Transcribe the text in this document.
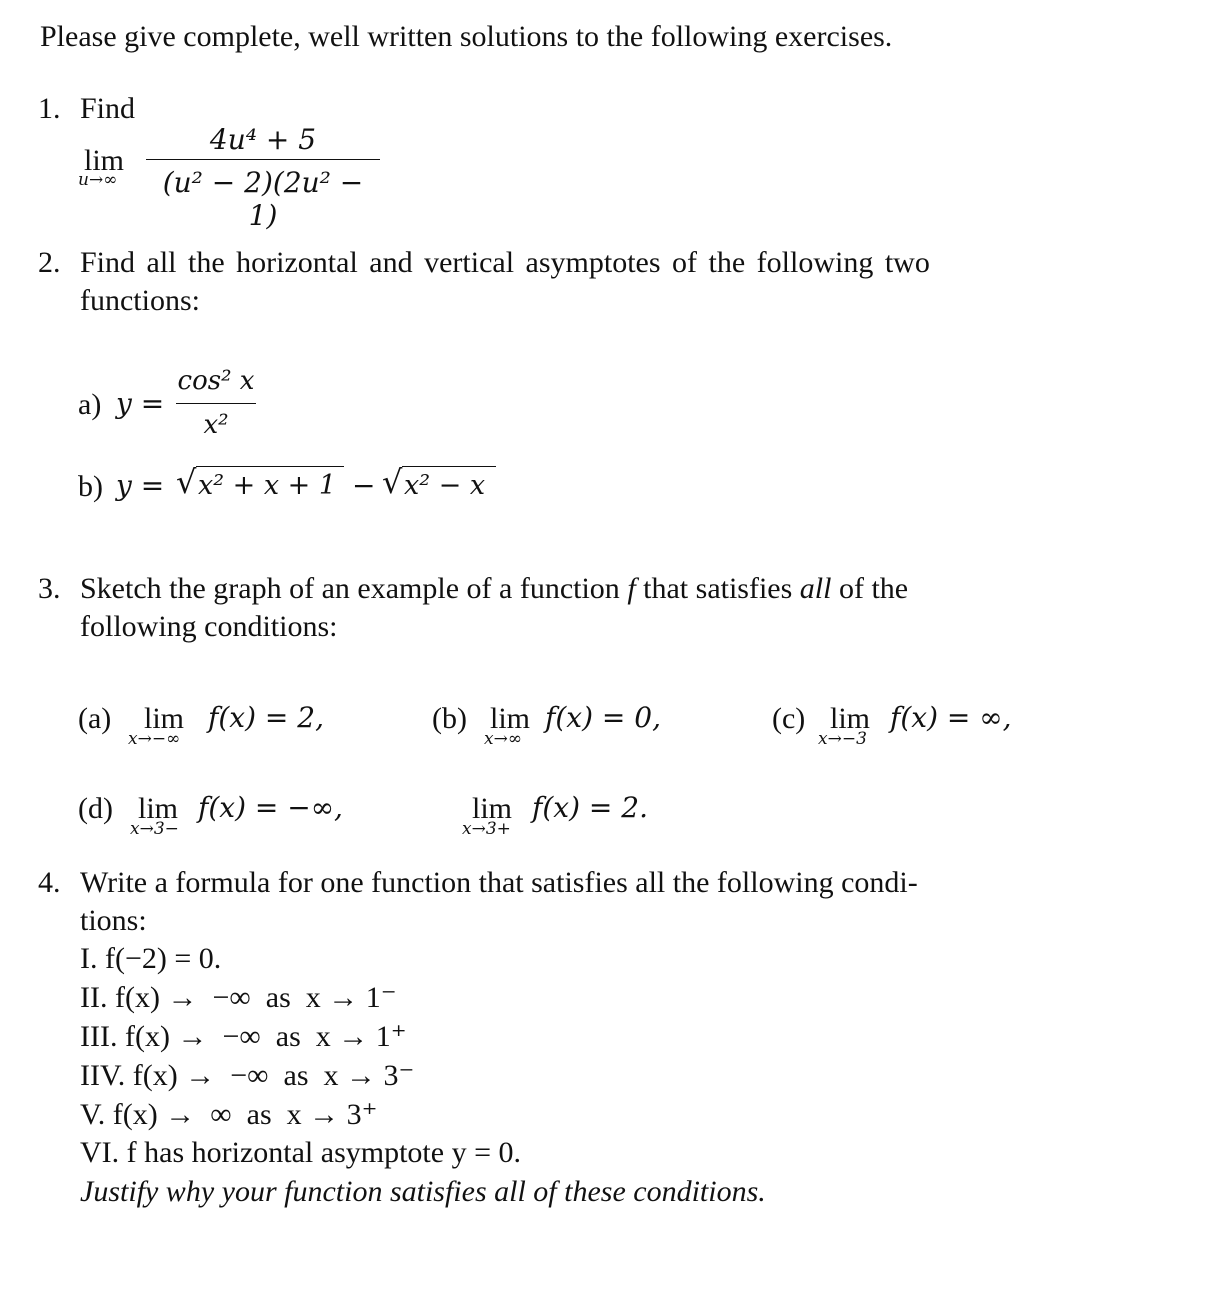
Please give complete, well written solutions to the following exercises.
1. Find
lim
u→∞
4u⁴ + 5
(u² − 2)(2u² − 1)
2. Find all the horizontal and vertical asymptotes of the following two
functions:
a) y =
cos² x
x²
b) y = √ x² + x + 1 − √ x² − x
3. Sketch the graph of an example of a function f that satisfies all of the
following conditions:
(a) lim
x→−∞
f(x) = 2,	(b) lim
x→∞
f(x) = 0,	(c) lim
x→−3
f(x) = ∞,
(d) lim
x→3−
f(x) = −∞,	lim
x→3+
f(x) = 2.
4. Write a formula for one function that satisfies all the following condi-
tions:
I. f(−2) = 0.
II. f(x) →  −∞  as  x → 1⁻
III. f(x) →  −∞  as  x → 1⁺
IIV. f(x) →  −∞  as  x → 3⁻
V. f(x) →  ∞  as  x → 3⁺
VI. f has horizontal asymptote y = 0.
Justify why your function satisfies all of these conditions.
